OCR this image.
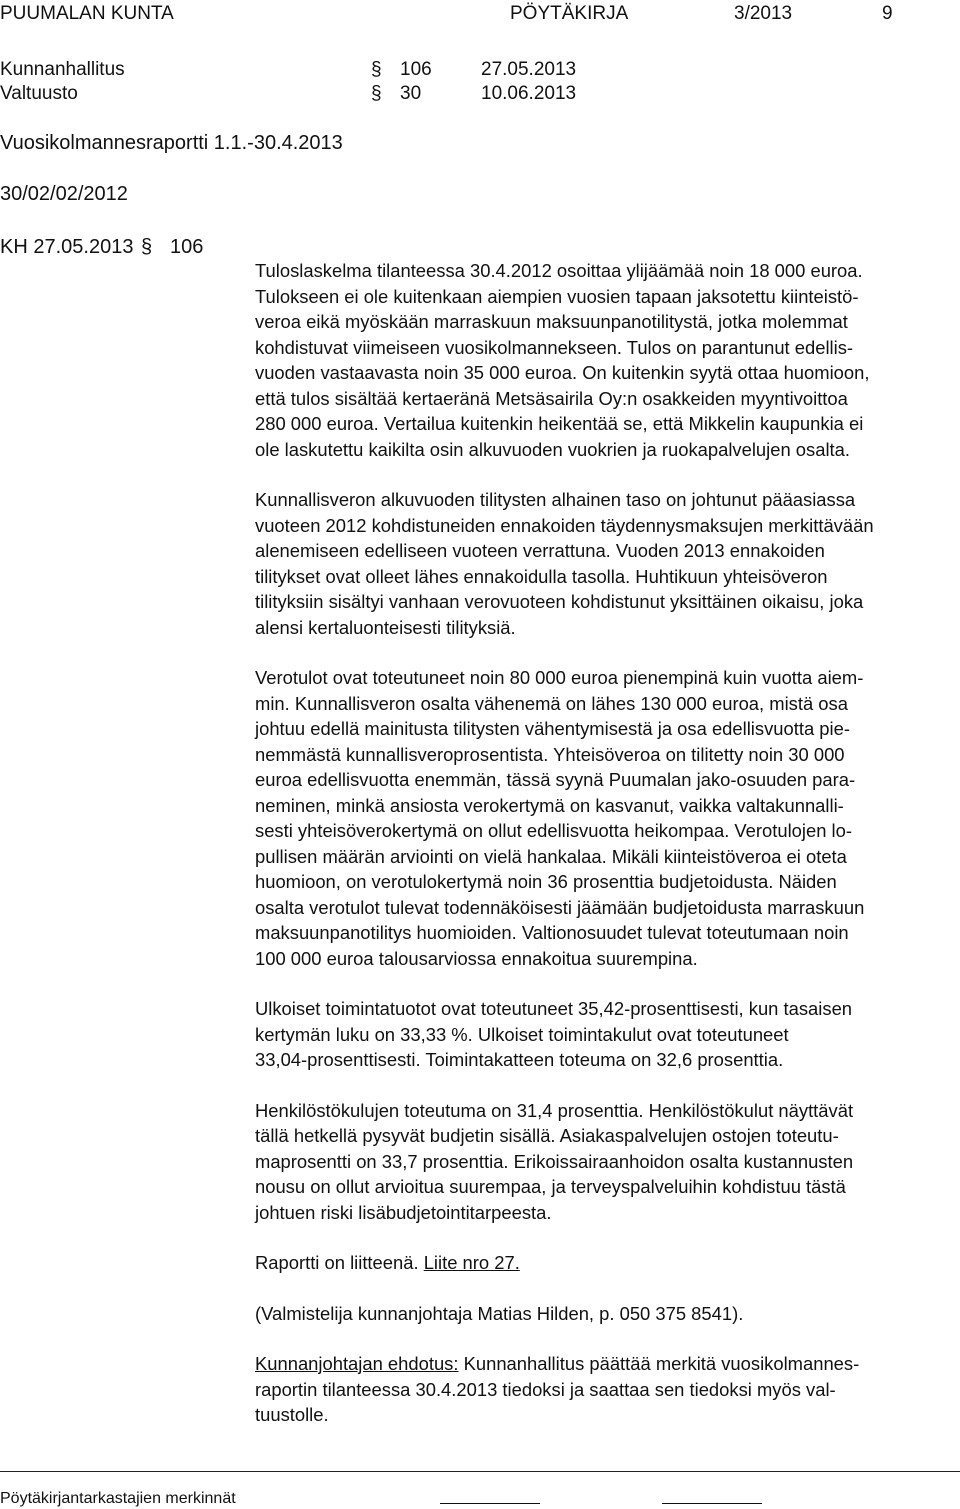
PUUMALAN KUNTA	PÖYTÄKIRJA	3/2013	9
Kunnanhallitus	§ 106	27.05.2013
Valtuusto	§ 30	10.06.2013
Vuosikolmannesraportti 1.1.-30.4.2013
30/02/02/2012
KH 27.05.2013 § 106
Tuloslaskelma tilanteessa 30.4.2012 osoittaa ylijäämää noin 18 000 euroa.
Tulokseen ei ole kuitenkaan aiempien vuosien tapaan jaksotettu kiinteistö-
veroa eikä myöskään marraskuun maksuunpanotilitystä, jotka molemmat
kohdistuvat viimeiseen vuosikolmannekseen. Tulos on parantunut edellis-
vuoden vastaavasta noin 35 000 euroa. On kuitenkin syytä ottaa huomioon,
että tulos sisältää kertaeränä Metsäsairila Oy:n osakkeiden myyntivoittoa
280 000 euroa. Vertailua kuitenkin heikentää se, että Mikkelin kaupunkia ei
ole laskutettu kaikilta osin alkuvuoden vuokrien ja ruokapalvelujen osalta.
Kunnallisveron alkuvuoden tilitysten alhainen taso on johtunut pääasiassa
vuoteen 2012 kohdistuneiden ennakoiden täydennysmaksujen merkittävään
alenemiseen edelliseen vuoteen verrattuna. Vuoden 2013 ennakoiden
tilitykset ovat olleet lähes ennakoidulla tasolla. Huhtikuun yhteisöveron
tilityksiin sisältyi vanhaan verovuoteen kohdistunut yksittäinen oikaisu, joka
alensi kertaluonteisesti tilityksiä.
Verotulot ovat toteutuneet noin 80 000 euroa pienempinä kuin vuotta aiem-
min. Kunnallisveron osalta vähenemä on lähes 130 000 euroa, mistä osa
johtuu edellä mainitusta tilitysten vähentymisestä ja osa edellisvuotta pie-
nemmästä kunnallisveroprosentista. Yhteisöveroa on tilitetty noin 30 000
euroa edellisvuotta enemmän, tässä syynä Puumalan jako-osuuden para-
neminen, minkä ansiosta verokertymä on kasvanut, vaikka valtakunnalli-
sesti yhteisöverokertymä on ollut edellisvuotta heikompaa. Verotulojen lo-
pullisen määrän arviointi on vielä hankalaa. Mikäli kiinteistöveroa ei oteta
huomioon, on verotulokertymä noin 36 prosenttia budjetoidusta. Näiden
osalta verotulot tulevat todennäköisesti jäämään budjetoidusta marraskuun
maksuunpanotilitys huomioiden. Valtionosuudet tulevat toteutumaan noin
100 000 euroa talousarviossa ennakoitua suurempina.
Ulkoiset toimintatuotot ovat toteutuneet 35,42-prosenttisesti, kun tasaisen
kertymän luku on 33,33 %. Ulkoiset toimintakulut ovat toteutuneet
33,04-prosenttisesti. Toimintakatteen toteuma on 32,6 prosenttia.
Henkilöstökulujen toteutuma on 31,4 prosenttia. Henkilöstökulut näyttävät
tällä hetkellä pysyvät budjetin sisällä. Asiakaspalvelujen ostojen toteutu-
maprosentti on 33,7 prosenttia. Erikoissairaanhoidon osalta kustannusten
nousu on ollut arvioitua suurempaa, ja terveyspalveluihin kohdistuu tästä
johtuen riski lisäbudjetointitarpeesta.
Raportti on liitteenä. Liite nro 27.
(Valmistelija kunnanjohtaja Matias Hilden, p. 050 375 8541).
Kunnanjohtajan ehdotus: Kunnanhallitus päättää merkitä vuosikolmannes-
raportin tilanteessa 30.4.2013 tiedoksi ja saattaa sen tiedoksi myös val-
tuustolle.
Pöytäkirjantarkastajien merkinnät
